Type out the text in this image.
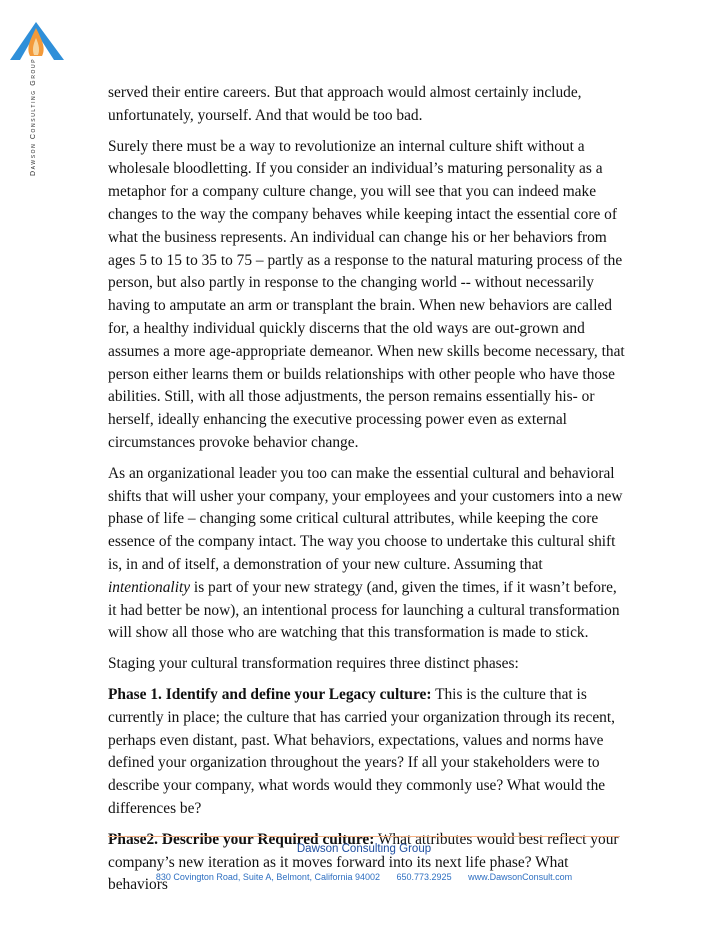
Dawson Consulting Group	served their entire careers. But that approach would almost certainly include, unfortunately, yourself. And that would be too bad.

Surely there must be a way to revolutionize an internal culture shift without a wholesale bloodletting. If you consider an individual’s maturing personality as a metaphor for a company culture change, you will see that you can indeed make changes to the way the company behaves while keeping intact the essential core of what the business represents. An individual can change his or her behaviors from ages 5 to 15 to 35 to 75 – partly as a response to the natural maturing process of the person, but also partly in response to the changing world -- without necessarily having to amputate an arm or transplant the brain. When new behaviors are called for, a healthy individual quickly discerns that the old ways are out-grown and assumes a more age-appropriate demeanor. When new skills become necessary, that person either learns them or builds relationships with other people who have those abilities. Still, with all those adjustments, the person remains essentially his- or herself, ideally enhancing the executive processing power even as external circumstances provoke behavior change.

As an organizational leader you too can make the essential cultural and behavioral shifts that will usher your company, your employees and your customers into a new phase of life – changing some critical cultural attributes, while keeping the core essence of the company intact. The way you choose to undertake this cultural shift is, in and of itself, a demonstration of your new culture. Assuming that intentionality is part of your new strategy (and, given the times, if it wasn’t before, it had better be now), an intentional process for launching a cultural transformation will show all those who are watching that this transformation is made to stick.

Staging your cultural transformation requires three distinct phases:

Phase 1. Identify and define your Legacy culture: This is the culture that is currently in place; the culture that has carried your organization through its recent, perhaps even distant, past. What behaviors, expectations, values and norms have defined your organization throughout the years? If all your stakeholders were to describe your company, what words would they commonly use? What would the differences be?

Phase2. Describe your Required culture: What attributes would best reflect your company’s new iteration as it moves forward into its next life phase? What behaviors

Dawson Consulting Group
830 Covington Road, Suite A, Belmont, California 94002 650.773.2925 www.DawsonConsult.com
